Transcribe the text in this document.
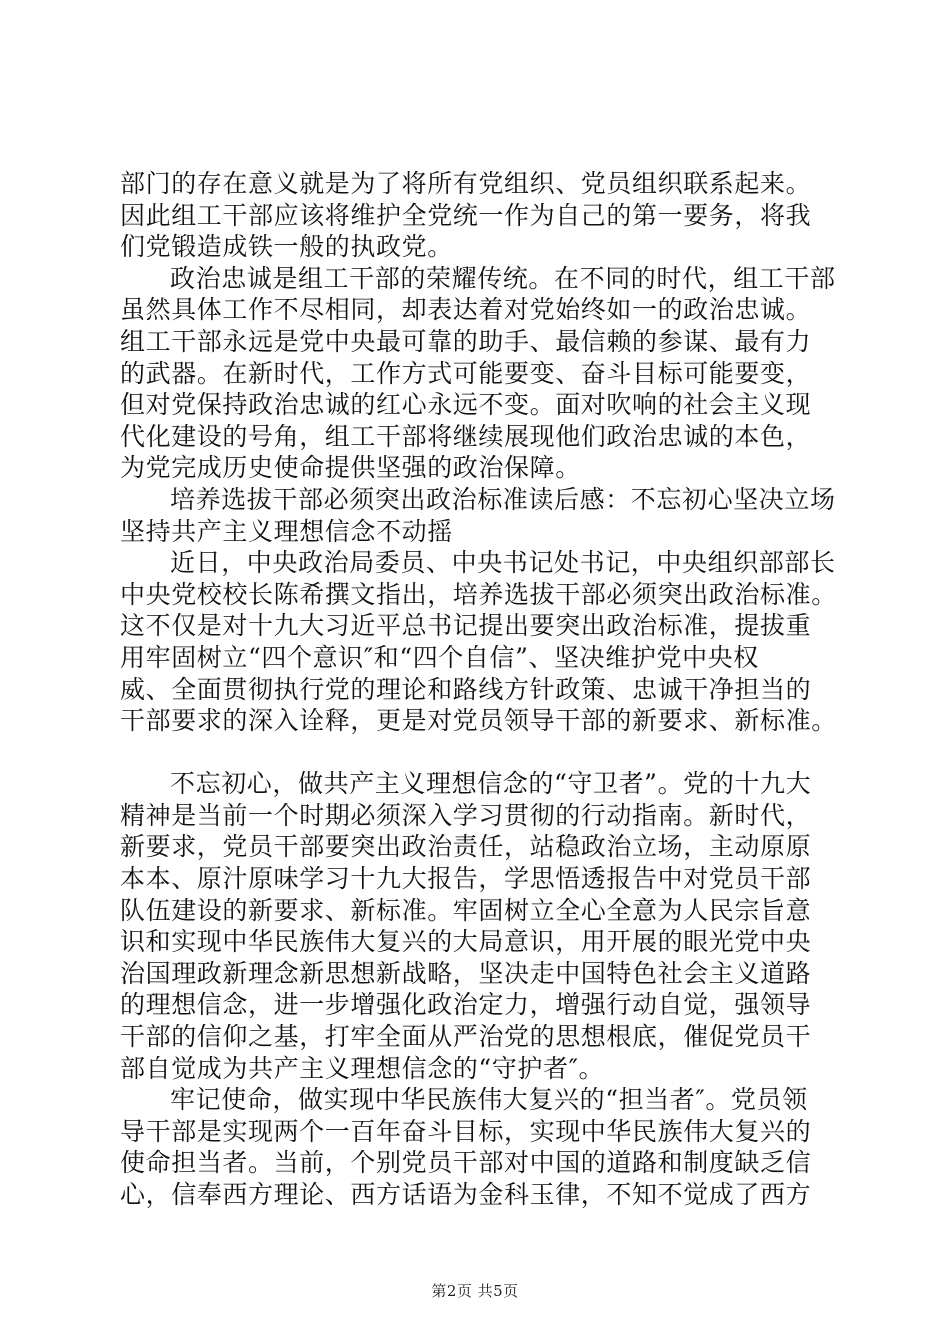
部门的存在意义就是为了将所有党组织、党员组织联系起来。
因此组工干部应该将维护全党统一作为自己的第一要务，将我
们党锻造成铁一般的执政党。
政治忠诚是组工干部的荣耀传统。在不同的时代，组工干部
虽然具体工作不尽相同，却表达着对党始终如一的政治忠诚。
组工干部永远是党中央最可靠的助手、最信赖的参谋、最有力
的武器。在新时代，工作方式可能要变、奋斗目标可能要变，
但对党保持政治忠诚的红心永远不变。面对吹响的社会主义现
代化建设的号角，组工干部将继续展现他们政治忠诚的本色，
为党完成历史使命提供坚强的政治保障。
培养选拔干部必须突出政治标准读后感：不忘初心坚决立场
坚持共产主义理想信念不动摇
近日，中央政治局委员、中央书记处书记，中央组织部部长
中央党校校长陈希撰文指出，培养选拔干部必须突出政治标准。
这不仅是对十九大习近平总书记提出要突出政治标准，提拔重
用牢固树立“四个意识″和“四个自信”、坚决维护党中央权
威、全面贯彻执行党的理论和路线方针政策、忠诚干净担当的
干部要求的深入诠释，更是对党员领导干部的新要求、新标准。
不忘初心，做共产主义理想信念的“守卫者”。党的十九大
精神是当前一个时期必须深入学习贯彻的行动指南。新时代，
新要求，党员干部要突出政治责任，站稳政治立场，主动原原
本本、原汁原味学习十九大报告，学思悟透报告中对党员干部
队伍建设的新要求、新标准。牢固树立全心全意为人民宗旨意
识和实现中华民族伟大复兴的大局意识，用开展的眼光党中央
治国理政新理念新思想新战略，坚决走中国特色社会主义道路
的理想信念，进一步增强化政治定力，增强行动自觉，强领导
干部的信仰之基，打牢全面从严治党的思想根底，催促党员干
部自觉成为共产主义理想信念的“守护者″。
牢记使命，做实现中华民族伟大复兴的“担当者″。党员领
导干部是实现两个一百年奋斗目标，实现中华民族伟大复兴的
使命担当者。当前，个别党员干部对中国的道路和制度缺乏信
心，信奉西方理论、西方话语为金科玉律，不知不觉成了西方
第2页 共5页
